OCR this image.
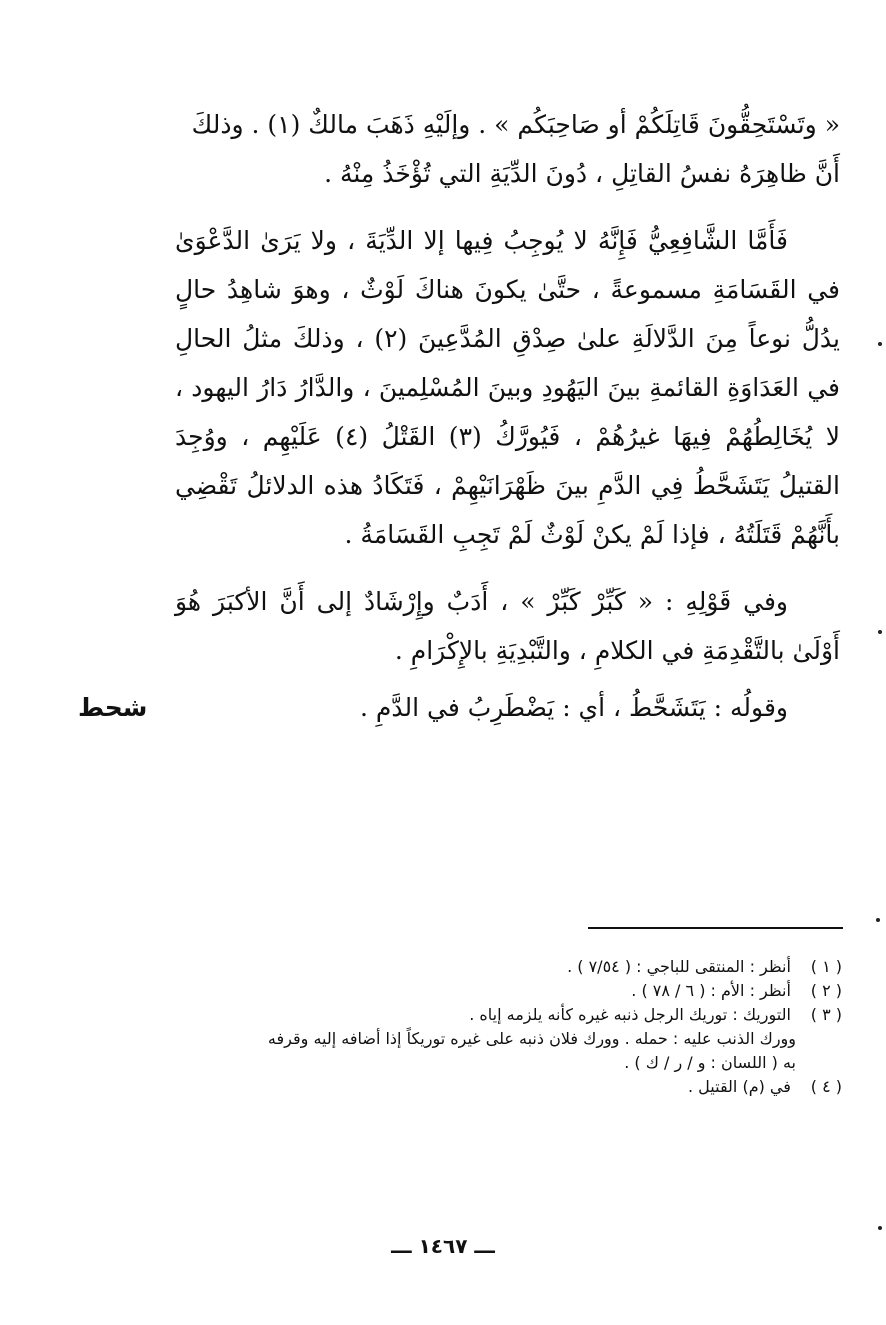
« وتَسْتَحِقُّونَ قَاتِلَكُمْ أو صَاحِبَكُم » . وإلَيْهِ ذَهَبَ مالكٌ (١) . وذلكَ

أَنَّ ظاهِرَهُ نفسُ القاتِلِ ، دُونَ الدِّيَةِ التي تُؤْخَذُ مِنْهُ .

فَأَمَّا الشَّافِعِيُّ فَإِنَّهُ لا يُوجِبُ فِيها إلا الدِّيَةَ ، ولا يَرَىٰ الدَّعْوَىٰ في القَسَامَةِ مسموعةً ، حتَّىٰ يكونَ هناكَ لَوْثٌ ، وهوَ شاهِدُ حالٍ يدُلُّ نوعاً مِنَ الدَّلالَةِ علىٰ صِدْقِ المُدَّعِينَ (٢) ، وذلكَ مثلُ الحالِ في العَدَاوَةِ القائمةِ بينَ اليَهُودِ وبينَ المُسْلِمينَ ، والدَّارُ دَارُ اليهود ، لا يُخَالِطُهُمْ فِيهَا غيرُهُمْ ، فَيُورَّكُ (٣) القَتْلُ (٤) عَلَيْهِم ، ووُجِدَ القتيلُ يَتَشَحَّطُ فِي الدَّمِ بينَ ظَهْرَانَيْهِمْ ، فَتَكَادُ هذه الدلائلُ تَقْضِي بأَنَّهُمْ قَتَلَتُهُ ، فإذا لَمْ يكنْ لَوْثٌ لَمْ تَجِبِ القَسَامَةُ .

وفي قَوْلِهِ : « كَبِّرْ كَبِّرْ » ، أَدَبٌ وإِرْشَادٌ إلى أَنَّ الأكبَرَ هُوَ أَوْلَىٰ بالتَّقْدِمَةِ في الكلامِ ، والتَّبْدِيَةِ بالإِكْرَامِ .

وقولُه : يَتَشَحَّطُ ، أي : يَضْطَرِبُ في الدَّمِ .

شحط

( ١ ) أنظر : المنتقى للباجي : ( ٧/٥٤ ) .

( ٢ ) أنظر : الأم : ( ٦ / ٧٨ ) .

( ٣ ) التوريك : توريك الرجل ذنبه غيره كأنه يلزمه إياه .

وورك الذنب عليه : حمله . وورك فلان ذنبه على غيره توريكاً إذا أضافه إليه وقرفه

به ( اللسان : و / ر / ك ) .

( ٤ ) في (م) القتيل .

ـــ ١٤٦٧ ـــ
